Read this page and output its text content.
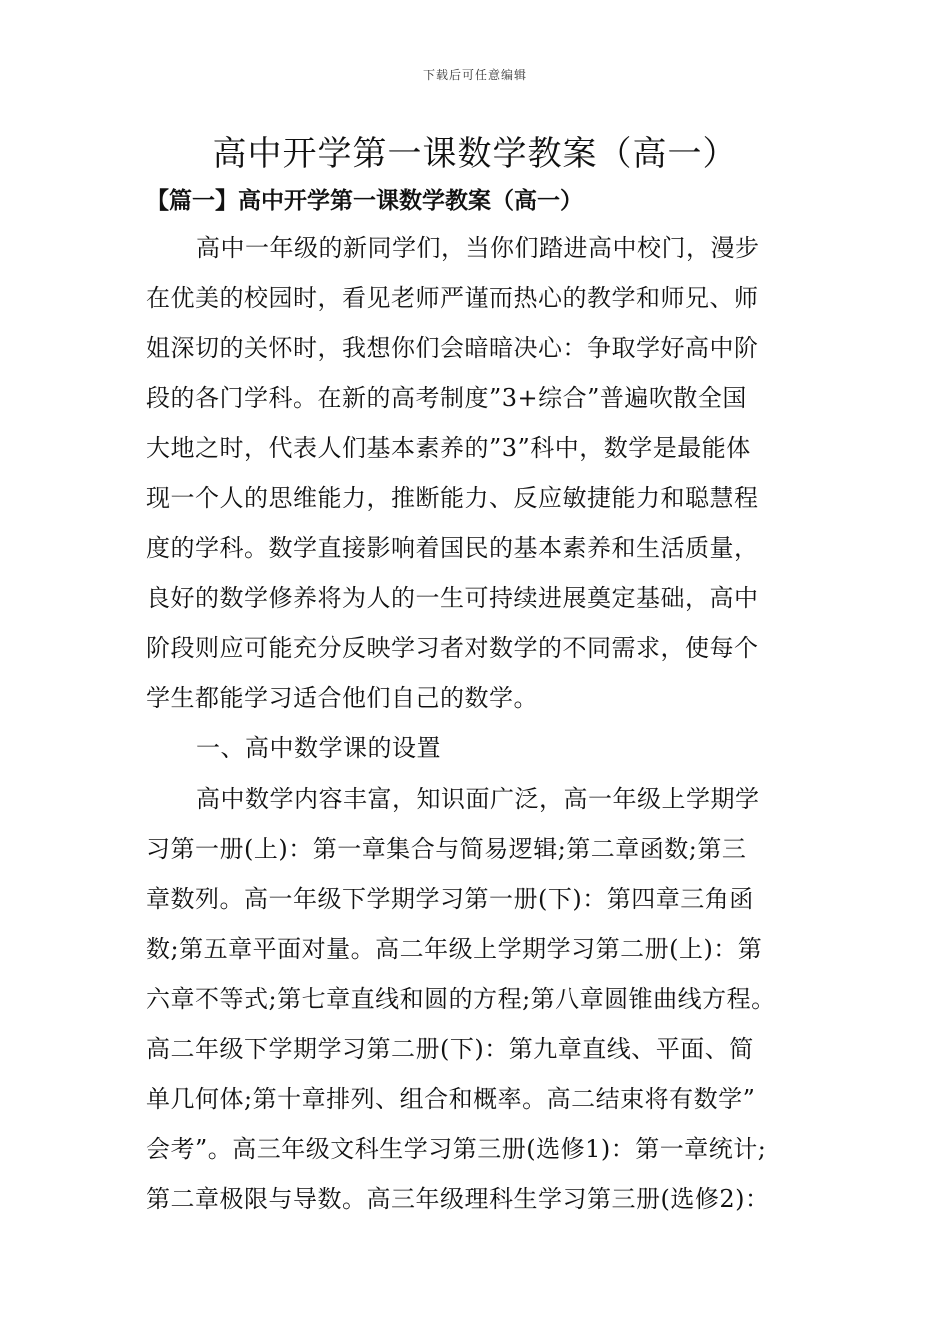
下载后可任意编辑
高中开学第一课数学教案（高一）
【篇一】高中开学第一课数学教案（高一）
高中一年级的新同学们，当你们踏进高中校门，漫步
在优美的校园时，看见老师严谨而热心的教学和师兄、师
姐深切的关怀时，我想你们会暗暗决心：争取学好高中阶
段的各门学科。在新的高考制度”3+综合”普遍吹散全国
大地之时，代表人们基本素养的”3”科中，数学是最能体
现一个人的思维能力，推断能力、反应敏捷能力和聪慧程
度的学科。数学直接影响着国民的基本素养和生活质量，
良好的数学修养将为人的一生可持续进展奠定基础，高中
阶段则应可能充分反映学习者对数学的不同需求，使每个
学生都能学习适合他们自己的数学。
一、高中数学课的设置
高中数学内容丰富，知识面广泛，高一年级上学期学
习第一册(上)：第一章集合与简易逻辑;第二章函数;第三
章数列。高一年级下学期学习第一册(下)：第四章三角函
数;第五章平面对量。高二年级上学期学习第二册(上)：第
六章不等式;第七章直线和圆的方程;第八章圆锥曲线方程。
高二年级下学期学习第二册(下)：第九章直线、平面、简
单几何体;第十章排列、组合和概率。高二结束将有数学”
会考”。高三年级文科生学习第三册(选修1)：第一章统计;
第二章极限与导数。高三年级理科生学习第三册(选修2)：
